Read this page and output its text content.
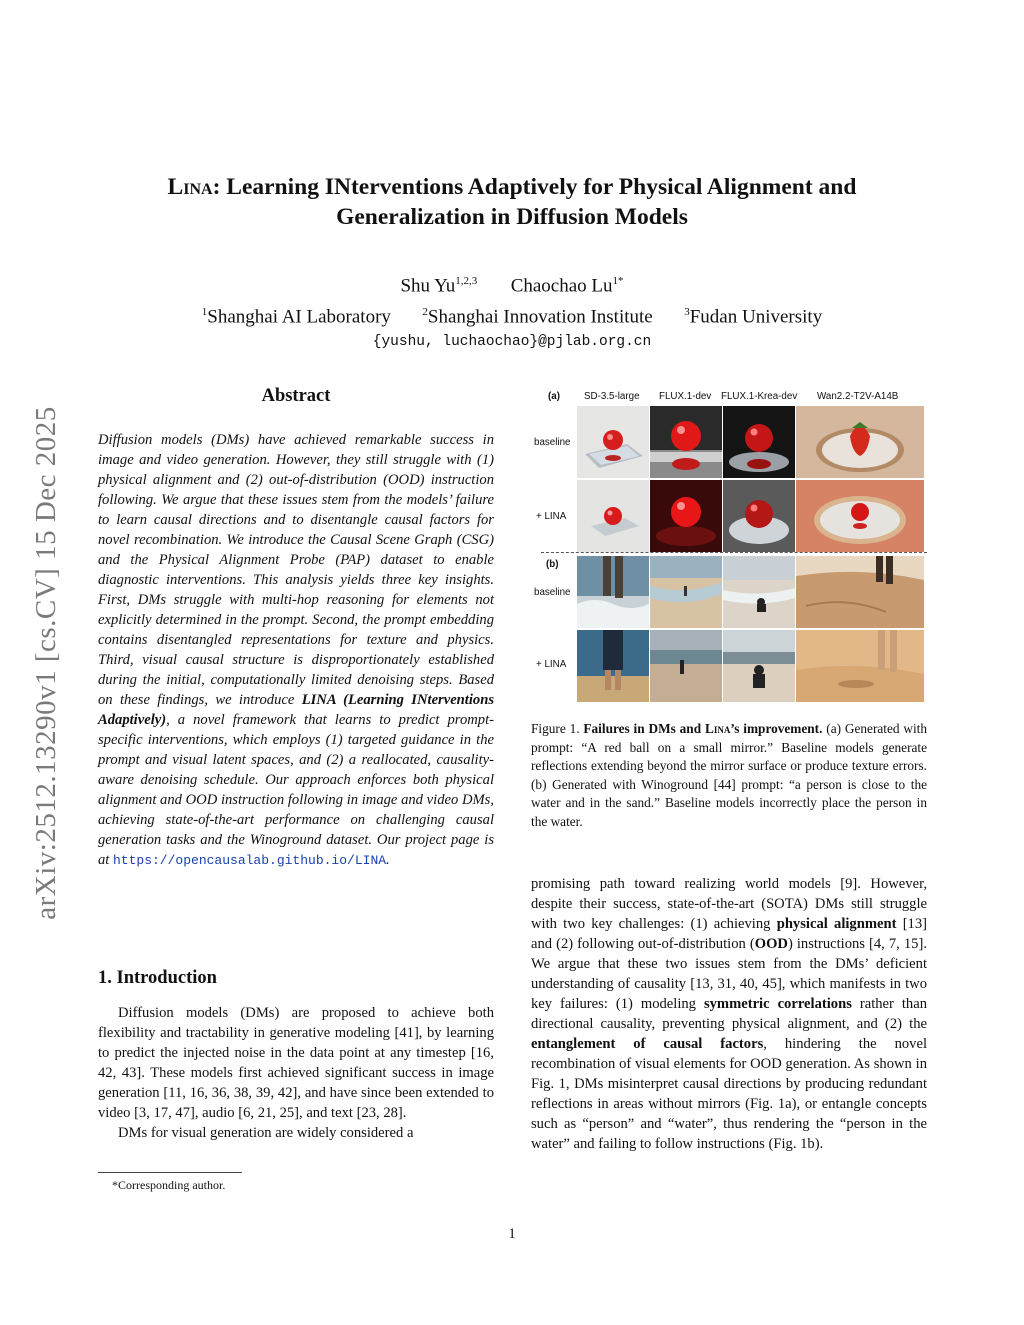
arXiv:2512.13290v1 [cs.CV] 15 Dec 2025
Lina: Learning INterventions Adaptively for Physical Alignment and
Generalization in Diffusion Models
Shu Yu$^{1,2,3}$ Chaochao $Lu^{1*}$
$^1$Shanghai AI Laboratory	$^2$Shanghai Innovation Institute	$^3$Fudan University
{yushu, luchaochao}@pjlab.org.cn
Abstract
Diffusion models (DMs) have achieved remarkable success in image and video generation. However, they still struggle with (1) physical alignment and (2) out-of-distribution (OOD) instruction following. We argue that these issues stem from the models’ failure to learn causal directions and to disentangle causal factors for novel recombination. We introduce the Causal Scene Graph (CSG) and the Physical Alignment Probe (PAP) dataset to enable diagnostic interventions. This analysis yields three key insights. First, DMs struggle with multi-hop reasoning for elements not explicitly determined in the prompt. Second, the prompt embedding contains disentangled representations for texture and physics. Third, visual causal structure is disproportionately established during the initial, computationally limited denoising steps. Based on these findings, we introduce LINA (Learning INterventions Adaptively), a novel framework that learns to predict prompt-specific interventions, which employs (1) targeted guidance in the prompt and visual latent spaces, and (2) a reallocated, causality-aware denoising schedule. Our approach enforces both physical alignment and OOD instruction following in image and video DMs, achieving state-of-the-art performance on challenging causal generation tasks and the Winoground dataset. Our project page is at https://opencausalab.github.io/LINA.
1. Introduction

Diffusion models (DMs) are proposed to achieve both flexibility and tractability in generative modeling [41], by learning to predict the injected noise in the data point at any timestep [16, 42, 43]. These models first achieved significant success in image generation [11, 16, 36, 38, 39, 42], and have since been extended to video [3, 17, 47], audio [6, 21, 25], and text [23, 28].

DMs for visual generation are widely considered a

*Corresponding author.
(a) SD-3.5-large FLUX.1-dev FLUX.1-Krea-dev Wan2.2-T2V-A14B
baseline
+ LINA
(b)
baseline
+ LINA
Figure 1. Failures in DMs and Lina’s improvement. (a) Generated with prompt: “A red ball on a small mirror.” Baseline models generate reflections extending beyond the mirror surface or produce texture errors. (b) Generated with Winoground [44] prompt: “a person is close to the water and in the sand.” Baseline models incorrectly place the person in the water.
promising path toward realizing world models [9]. However, despite their success, state-of-the-art (SOTA) DMs still struggle with two key challenges: (1) achieving physical alignment [13] and (2) following out-of-distribution (OOD) instructions [4, 7, 15]. We argue that these two issues stem from the DMs’ deficient understanding of causality [13, 31, 40, 45], which manifests in two key failures: (1) modeling symmetric correlations rather than directional causality, preventing physical alignment, and (2) the entanglement of causal factors, hindering the novel recombination of visual elements for OOD generation. As shown in Fig. 1, DMs misinterpret causal directions by producing redundant reflections in areas without mirrors (Fig. 1a), or entangle concepts such as “person” and “water”, thus rendering the “person in the water” and failing to follow instructions (Fig. 1b).
1
